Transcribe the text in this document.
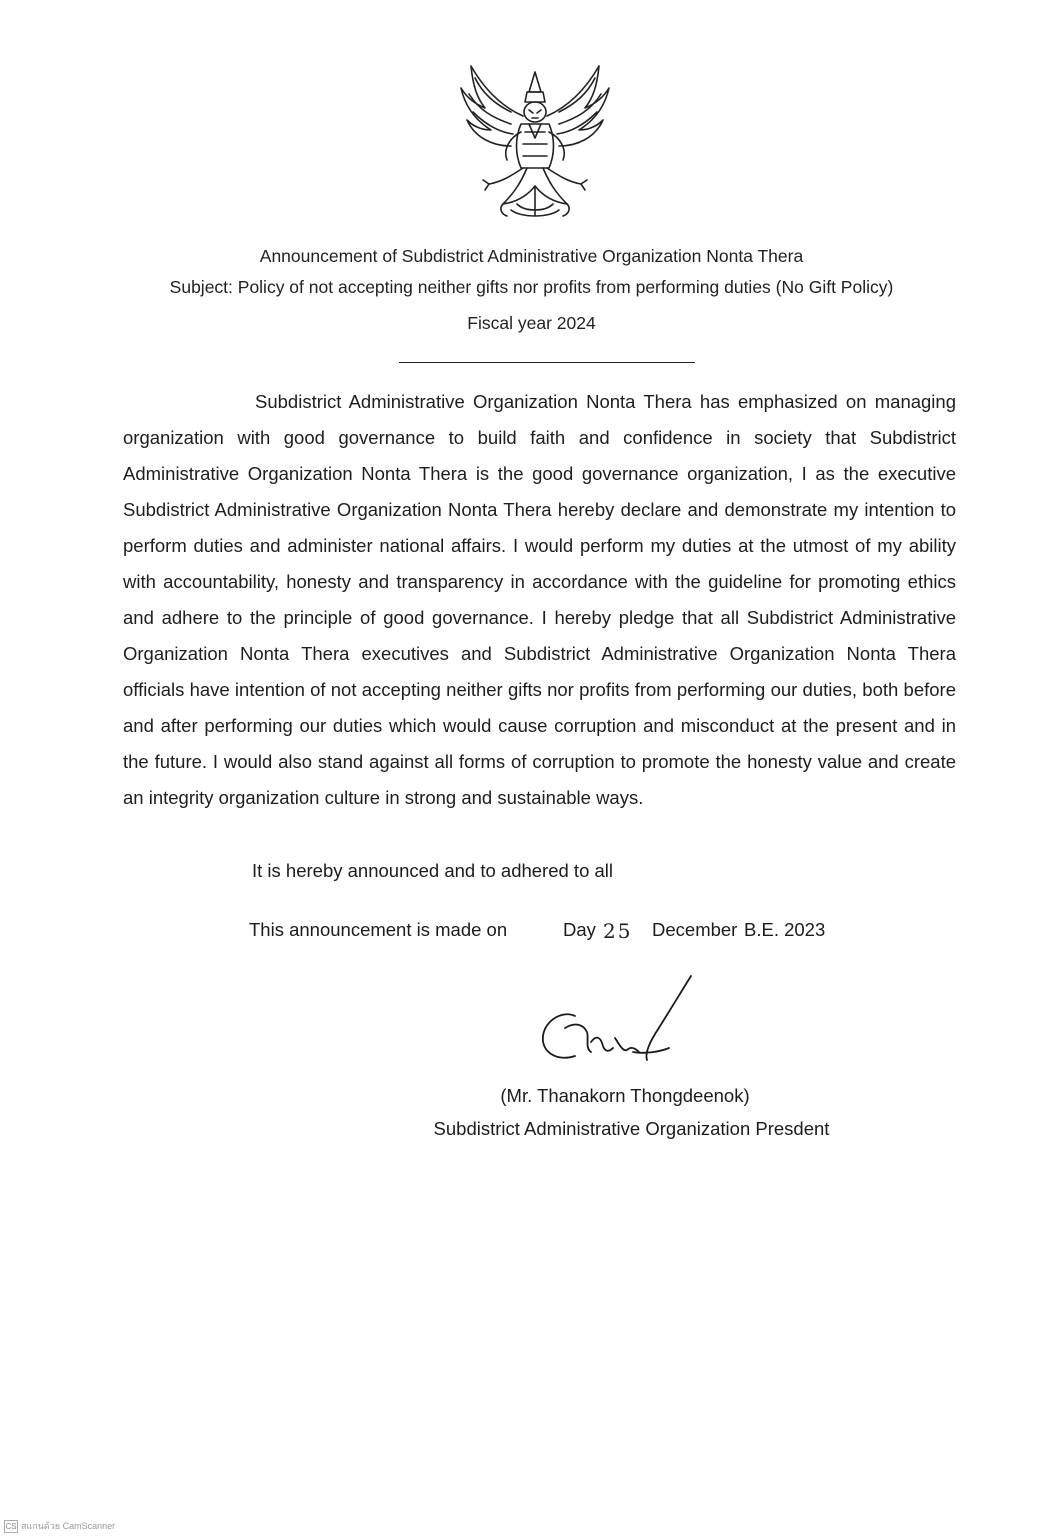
Announcement of Subdistrict Administrative Organization Nonta Thera
Subject: Policy of not accepting neither gifts nor profits from performing duties (No Gift Policy)
Fiscal year 2024

Subdistrict Administrative Organization Nonta Thera has emphasized on managing organization with good governance to build faith and confidence in society that Subdistrict Administrative Organization Nonta Thera is the good governance organization, I as the executive Subdistrict Administrative Organization Nonta Thera hereby declare and demonstrate my intention to perform duties and administer national affairs. I would perform my duties at the utmost of my ability with accountability, honesty and transparency in accordance with the guideline for promoting ethics and adhere to the principle of good governance. I hereby pledge that all Subdistrict Administrative Organization Nonta Thera executives and Subdistrict Administrative Organization Nonta Thera officials have intention of not accepting neither gifts nor profits from performing our duties, both before and after performing our duties which would cause corruption and misconduct at the present and in the future. I would also stand against all forms of corruption to promote the honesty value and create an integrity organization culture in strong and sustainable ways.

It is hereby announced and to adhered to all
This announcement is made on	Day 25 December B.E. 2023
(Mr. Thanakorn Thongdeenok)
Subdistrict Administrative Organization Presdent
CS สแกนด้วย CamScanner
